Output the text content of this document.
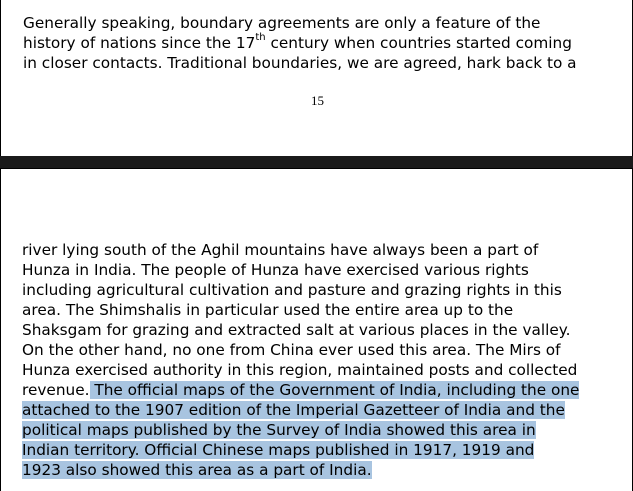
Generally speaking, boundary agreements are only a feature of the
history of nations since the 17th century when countries started coming
in closer contacts. Traditional boundaries, we are agreed, hark back to a
15
river lying south of the Aghil mountains have always been a part of
Hunza in India. The people of Hunza have exercised various rights
including agricultural cultivation and pasture and grazing rights in this
area. The Shimshalis in particular used the entire area up to the
Shaksgam for grazing and extracted salt at various places in the valley.
On the other hand, no one from China ever used this area. The Mirs of
Hunza exercised authority in this region, maintained posts and collected
revenue. The official maps of the Government of India, including the one
attached to the 1907 edition of the Imperial Gazetteer of India and the
political maps published by the Survey of India showed this area in
Indian territory. Official Chinese maps published in 1917, 1919 and
1923 also showed this area as a part of India.
